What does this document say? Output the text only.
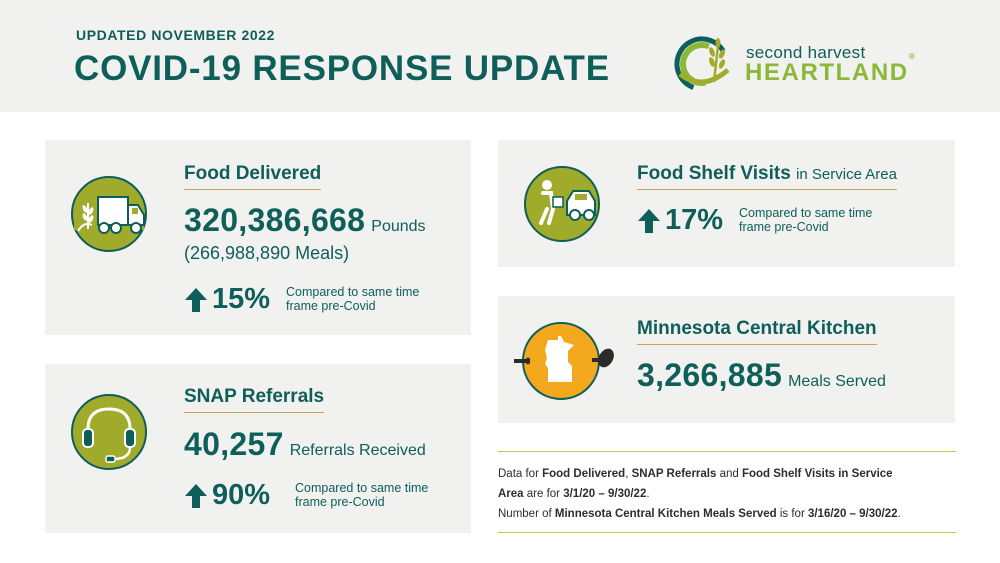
UPDATED NOVEMBER 2022
COVID-19 RESPONSE UPDATE	second harvest
HEARTLAND®
Food Delivered
320,386,668 Pounds
(266,988,890 Meals)
15% Compared to same time
frame pre-Covid
SNAP Referrals
40,257 Referrals Received
90% Compared to same time
frame pre-Covid
Food Shelf Visits in Service Area
17% Compared to same time
frame pre-Covid
Minnesota Central Kitchen
3,266,885 Meals Served
Data for Food Delivered, SNAP Referrals and Food Shelf Visits in Service
Area are for 3/1/20 – 9/30/22.
Number of Minnesota Central Kitchen Meals Served is for 3/16/20 – 9/30/22.
